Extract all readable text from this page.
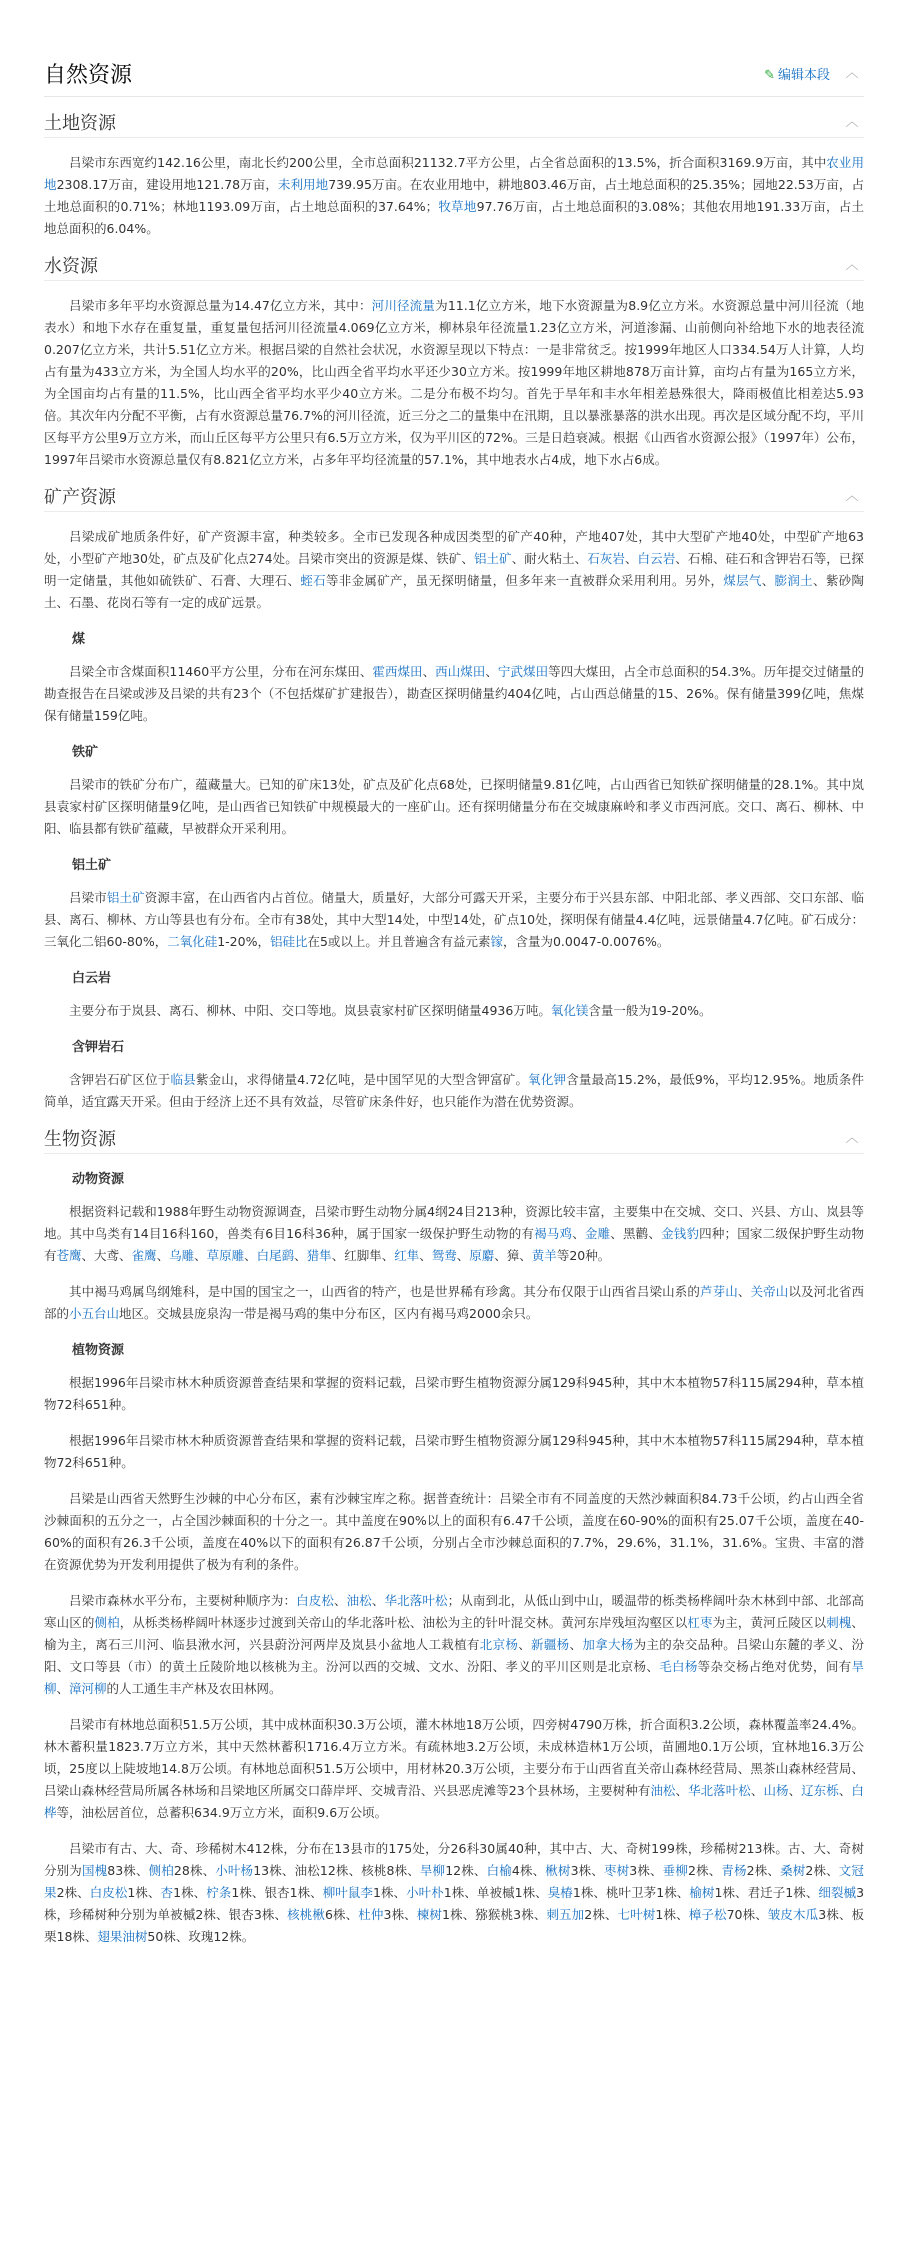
自然资源	✎ 编辑本段 ︿
土地资源	︿

吕梁市东西宽约142.16公里，南北长约200公里，全市总面积21132.7平方公里，占全省总面积的13.5%，折合面积3169.9万亩，其中农业用地2308.17万亩，建设用地121.78万亩，未利用地739.95万亩。在农业用地中，耕地803.46万亩，占土地总面积的25.35%；园地22.53万亩，占土地总面积的0.71%；林地1193.09万亩，占土地总面积的37.64%；牧草地97.76万亩，占土地总面积的3.08%；其他农用地191.33万亩，占土地总面积的6.04%。

水资源	︿

吕梁市多年平均水资源总量为14.47亿立方米，其中：河川径流量为11.1亿立方米，地下水资源量为8.9亿立方米。水资源总量中河川径流（地表水）和地下水存在重复量，重复量包括河川径流量4.069亿立方米，柳林泉年径流量1.23亿立方米，河道渗漏、山前侧向补给地下水的地表径流0.207亿立方米，共计5.51亿立方米。根据吕梁的自然社会状况，水资源呈现以下特点：一是非常贫乏。按1999年地区人口334.54万人计算，人均占有量为433立方米，为全国人均水平的20%，比山西全省平均水平还少30立方米。按1999年地区耕地878万亩计算，亩均占有量为165立方米，为全国亩均占有量的11.5%，比山西全省平均水平少40立方米。二是分布极不均匀。首先于旱年和丰水年相差悬殊很大，降雨极值比相差达5.93倍。其次年内分配不平衡，占有水资源总量76.7%的河川径流，近三分之二的量集中在汛期，且以暴涨暴落的洪水出现。再次是区域分配不均，平川区每平方公里9万立方米，而山丘区每平方公里只有6.5万立方米，仅为平川区的72%。三是日趋衰减。根据《山西省水资源公报》（1997年）公布，1997年吕梁市水资源总量仅有8.821亿立方米，占多年平均径流量的57.1%，其中地表水占4成，地下水占6成。

矿产资源	︿

吕梁成矿地质条件好，矿产资源丰富，种类较多。全市已发现各种成因类型的矿产40种，产地407处，其中大型矿产地40处，中型矿产地63处，小型矿产地30处，矿点及矿化点274处。吕梁市突出的资源是煤、铁矿、铝土矿、耐火粘土、石灰岩、白云岩、石棉、硅石和含钾岩石等，已探明一定储量，其他如硫铁矿、石膏、大理石、蛭石等非金属矿产，虽无探明储量，但多年来一直被群众采用利用。另外，煤层气、膨润土、紫砂陶土、石墨、花岗石等有一定的成矿远景。

煤

吕梁全市含煤面积11460平方公里，分布在河东煤田、霍西煤田、西山煤田、宁武煤田等四大煤田，占全市总面积的54.3%。历年提交过储量的勘查报告在吕梁或涉及吕梁的共有23个（不包括煤矿扩建报告），勘查区探明储量约404亿吨，占山西总储量的15、26%。保有储量399亿吨，焦煤保有储量159亿吨。

铁矿

吕梁市的铁矿分布广，蕴藏量大。已知的矿床13处，矿点及矿化点68处，已探明储量9.81亿吨，占山西省已知铁矿探明储量的28.1%。其中岚县袁家村矿区探明储量9亿吨，是山西省已知铁矿中规模最大的一座矿山。还有探明储量分布在交城康麻岭和孝义市西河底。交口、离石、柳林、中阳、临县都有铁矿蕴藏，早被群众开采利用。

铝土矿

吕梁市铝土矿资源丰富，在山西省内占首位。储量大，质量好，大部分可露天开采，主要分布于兴县东部、中阳北部、孝义西部、交口东部、临县、离石、柳林、方山等县也有分布。全市有38处，其中大型14处，中型14处，矿点10处，探明保有储量4.4亿吨，远景储量4.7亿吨。矿石成分：三氧化二铝60-80%，二氧化硅1-20%，铝硅比在5或以上。并且普遍含有益元素镓，含量为0.0047-0.0076%。

白云岩

主要分布于岚县、离石、柳林、中阳、交口等地。岚县袁家村矿区探明储量4936万吨。氧化镁含量一般为19-20%。

含钾岩石

含钾岩石矿区位于临县紫金山，求得储量4.72亿吨，是中国罕见的大型含钾富矿。氧化钾含量最高15.2%，最低9%，平均12.95%。地质条件简单，适宜露天开采。但由于经济上还不具有效益，尽管矿床条件好，也只能作为潜在优势资源。

生物资源	︿
动物资源

根据资料记载和1988年野生动物资源调查，吕梁市野生动物分属4纲24目213种，资源比较丰富，主要集中在交城、交口、兴县、方山、岚县等地。其中鸟类有14目16科160，兽类有6目16科36种，属于国家一级保护野生动物的有褐马鸡、金雕、黑鹳、金钱豹四种；国家二级保护野生动物有苍鹰、大鸢、雀鹰、乌雕、草原雕、白尾鹞、猎隼、红脚隼、红隼、鸳鸯、原麝、獐、黄羊等20种。

其中褐马鸡属鸟纲雉科，是中国的国宝之一，山西省的特产，也是世界稀有珍禽。其分布仅限于山西省吕梁山系的芦芽山、关帝山以及河北省西部的小五台山地区。交城县庞泉沟一带是褐马鸡的集中分布区，区内有褐马鸡2000余只。

植物资源

根据1996年吕梁市林木种质资源普查结果和掌握的资料记载，吕梁市野生植物资源分属129科945种，其中木本植物57科115属294种，草本植物72科651种。

根据1996年吕梁市林木种质资源普查结果和掌握的资料记载，吕梁市野生植物资源分属129科945种，其中木本植物57科115属294种，草本植物72科651种。

吕梁是山西省天然野生沙棘的中心分布区，素有沙棘宝库之称。据普查统计：吕梁全市有不同盖度的天然沙棘面积84.73千公顷，约占山西全省沙棘面积的五分之一，占全国沙棘面积的十分之一。其中盖度在90%以上的面积有6.47千公顷，盖度在60-90%的面积有25.07千公顷，盖度在40-60%的面积有26.3千公顷，盖度在40%以下的面积有26.87千公顷，分别占全市沙棘总面积的7.7%，29.6%，31.1%，31.6%。宝贵、丰富的潜在资源优势为开发利用提供了极为有利的条件。

吕梁市森林水平分布，主要树种顺序为：白皮松、油松、华北落叶松；从南到北，从低山到中山，暖温带的栎类杨桦阔叶杂木林到中部、北部高寒山区的侧柏，从栎类杨桦阔叶林逐步过渡到关帝山的华北落叶松、油松为主的针叶混交林。黄河东岸残垣沟壑区以杠枣为主，黄河丘陵区以刺槐、榆为主，离石三川河、临县湫水河，兴县蔚汾河两岸及岚县小盆地人工栽植有北京杨、新疆杨、加拿大杨为主的杂交品种。吕梁山东麓的孝义、汾阳、文口等县（市）的黄土丘陵阶地以核桃为主。汾河以西的交城、文水、汾阳、孝义的平川区则是北京杨、毛白杨等杂交杨占绝对优势，间有旱柳、漳河柳的人工通生丰产林及农田林网。

吕梁市有林地总面积51.5万公顷，其中成林面积30.3万公顷，灌木林地18万公顷，四旁树4790万株，折合面积3.2公顷，森林覆盖率24.4%。林木蓄积量1823.7万立方米，其中天然林蓄积1716.4万立方米。有疏林地3.2万公顷，未成林造林1万公顷，苗圃地0.1万公顷，宜林地16.3万公顷，25度以上陡坡地14.8万公顷。有林地总面积51.5万公顷中，用材林20.3万公顷，主要分布于山西省直关帝山森林经营局、黑茶山森林经营局、吕梁山森林经营局所属各林场和吕梁地区所属交口薛岸坪、交城青沿、兴县恶虎滩等23个县林场，主要树种有油松、华北落叶松、山杨、辽东栎、白桦等，油松居首位，总蓄积634.9万立方米，面积9.6万公顷。

吕梁市有古、大、奇、珍稀树木412株，分布在13县市的175处，分26科30属40种，其中古、大、奇树199株，珍稀树213株。古、大、奇树分别为国槐83株、侧柏28株、小叶杨13株、油松12株、核桃8株、旱柳12株、白榆4株、楸树3株、枣树3株、垂柳2株、青杨2株、桑树2株、文冠果2株、白皮松1株、杏1株、柠条1株、银杏1株、柳叶鼠李1株、小叶朴1株、单被槭1株、臭椿1株、桃叶卫茅1株、榆树1株、君迁子1株、细裂槭3株，珍稀树种分别为单被槭2株、银杏3株、核桃楸6株、杜仲3株、楝树1株、猕猴桃3株、刺五加2株、七叶树1株、樟子松70株、皱皮木瓜3株、板栗18株、翅果油树50株、玫瑰12株。
